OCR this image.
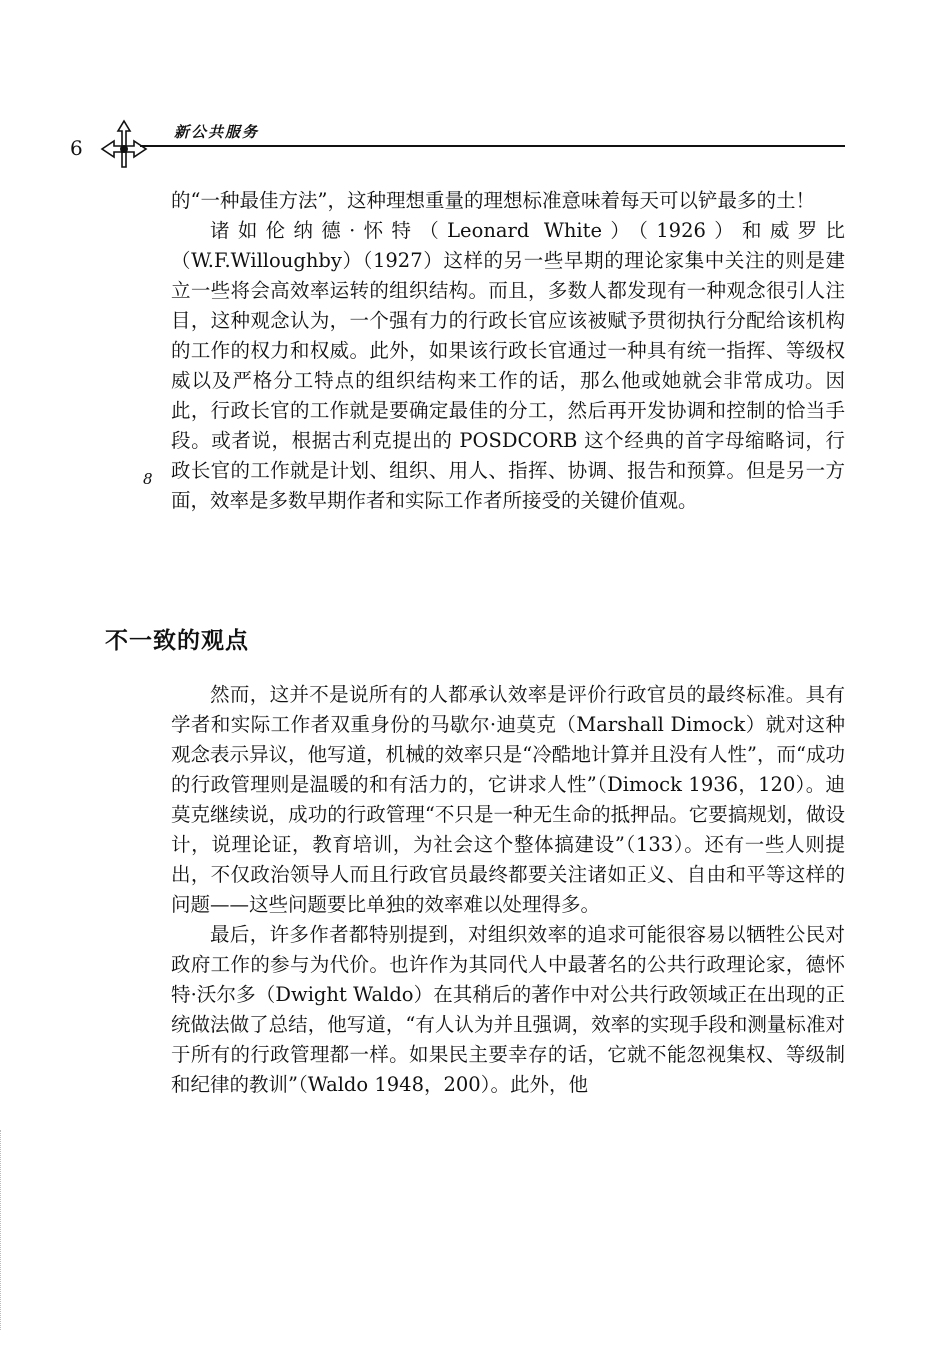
6
新公共服务

的“一种最佳方法”，这种理想重量的理想标准意味着每天可以铲最多的土！

诸如伦纳德·怀特（Leonard White）（1926）和威罗比（W.F.Willoughby）（1927）这样的另一些早期的理论家集中关注的则是建立一些将会高效率运转的组织结构。而且，多数人都发现有一种观念很引人注目，这种观念认为，一个强有力的行政长官应该被赋予贯彻执行分配给该机构的工作的权力和权威。此外，如果该行政长官通过一种具有统一指挥、等级权威以及严格分工特点的组织结构来工作的话，那么他或她就会非常成功。因此，行政长官的工作就是要确定最佳的分工，然后再开发协调和控制的恰当手段。或者说，根据古利克提出的 POSDCORB 这个经典的首字母缩略词，行政长官的工作就是计划、组织、用人、指挥、协调、报告和预算。但是另一方面，效率是多数早期作者和实际工作者所接受的关键价值观。

8
不一致的观点

然而，这并不是说所有的人都承认效率是评价行政官员的最终标准。具有学者和实际工作者双重身份的马歇尔·迪莫克（Marshall Dimock）就对这种观念表示异议，他写道，机械的效率只是“冷酷地计算并且没有人性”，而“成功的行政管理则是温暖的和有活力的，它讲求人性”（Dimock 1936，120）。迪莫克继续说，成功的行政管理“不只是一种无生命的抵押品。它要搞规划，做设计，说理论证，教育培训，为社会这个整体搞建设”（133）。还有一些人则提出，不仅政治领导人而且行政官员最终都要关注诸如正义、自由和平等这样的问题——这些问题要比单独的效率难以处理得多。

最后，许多作者都特别提到，对组织效率的追求可能很容易以牺牲公民对政府工作的参与为代价。也许作为其同代人中最著名的公共行政理论家，德怀特·沃尔多（Dwight Waldo）在其稍后的著作中对公共行政领域正在出现的正统做法做了总结，他写道，“有人认为并且强调，效率的实现手段和测量标准对于所有的行政管理都一样。如果民主要幸存的话，它就不能忽视集权、等级制和纪律的教训”（Waldo 1948，200）。此外，他
